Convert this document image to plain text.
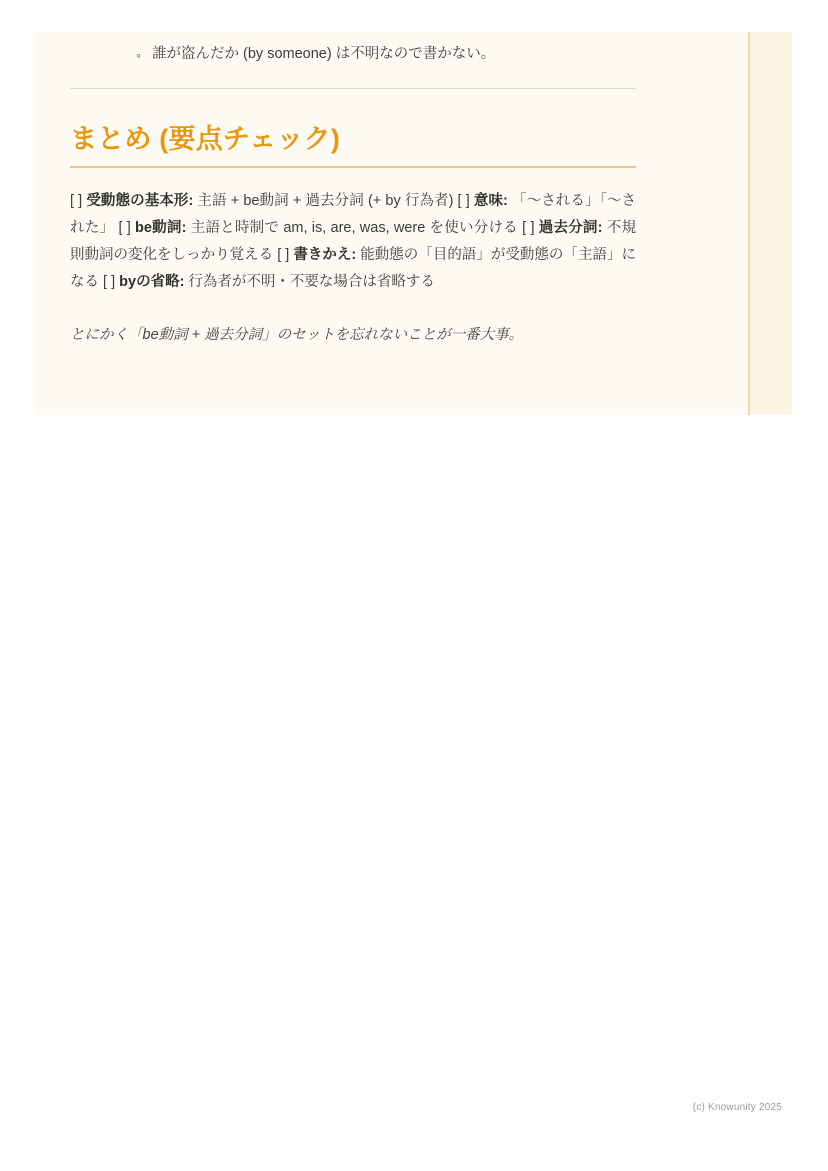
◦ 誰が盗んだか (by someone) は不明なので書かない。
まとめ (要点チェック)

[ ] 受動態の基本形: 主語 + be動詞 + 過去分詞 (+ by 行為者) [ ] 意味: 「〜される」「〜された」 [ ] be動詞: 主語と時制で am, is, are, was, were を使い分ける [ ] 過去分詞: 不規則動詞の変化をしっかり覚える [ ] 書きかえ: 能動態の「目的語」が受動態の「主語」になる [ ] byの省略: 行為者が不明・不要な場合は省略する

とにかく「be動詞 + 過去分詞」のセットを忘れないことが一番大事。

(c) Knowunity 2025
